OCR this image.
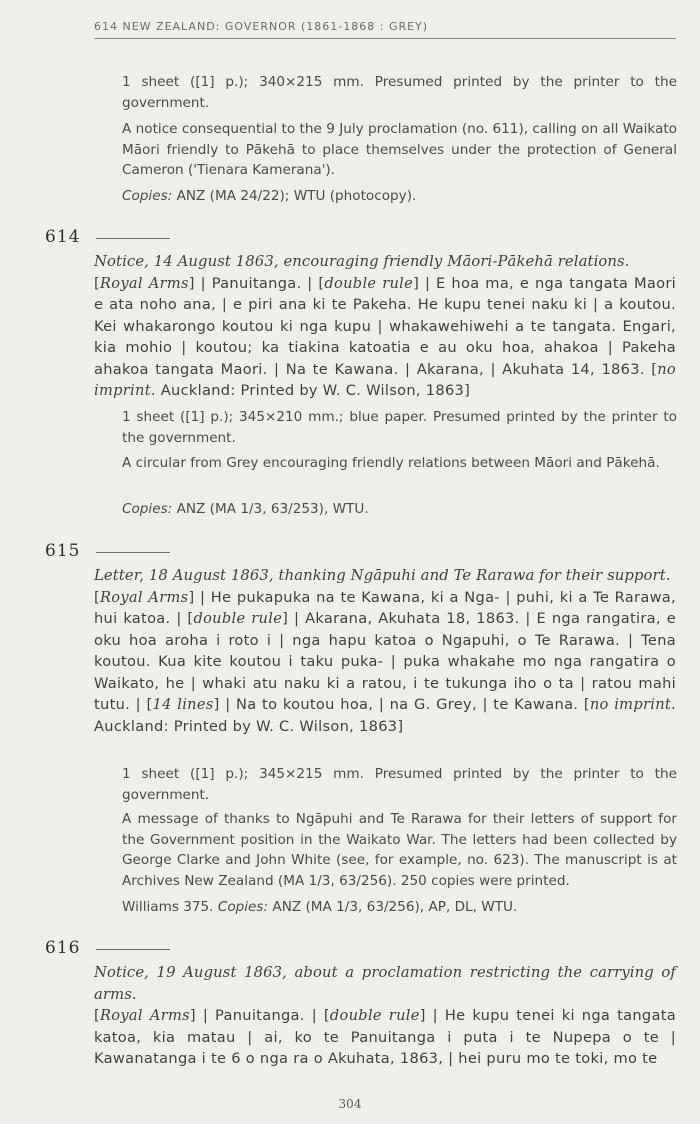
614 NEW ZEALAND: GOVERNOR (1861-1868 : GREY)
1 sheet ([1] p.); 340×215 mm. Presumed printed by the printer to the government.
A notice consequential to the 9 July proclamation (no. 611), calling on all Waikato Māori friendly to Pākehā to place themselves under the protection of General Cameron ('Tienara Kamerana').
Copies: ANZ (MA 24/22); WTU (photocopy).
614
Notice, 14 August 1863, encouraging friendly Māori-Pākehā relations.
[Royal Arms] | Panuitanga. | [double rule] | E hoa ma, e nga tangata Maori e ata noho ana, | e piri ana ki te Pakeha. He kupu tenei naku ki | a koutou. Kei whakarongo koutou ki nga kupu | whakawehiwehi a te tangata. Engari, kia mohio | koutou; ka tiakina katoatia e au oku hoa, ahakoa | Pakeha ahakoa tangata Maori. | Na te Kawana. | Akarana, | Akuhata 14, 1863. [no imprint. Auckland: Printed by W. C. Wilson, 1863]
1 sheet ([1] p.); 345×210 mm.; blue paper. Presumed printed by the printer to the government.
A circular from Grey encouraging friendly relations between Māori and Pākehā.
Copies: ANZ (MA 1/3, 63/253), WTU.
615
Letter, 18 August 1863, thanking Ngāpuhi and Te Rarawa for their support.
[Royal Arms] | He pukapuka na te Kawana, ki a Nga- | puhi, ki a Te Rarawa, hui katoa. | [double rule] | Akarana, Akuhata 18, 1863. | E nga rangatira, e oku hoa aroha i roto i | nga hapu katoa o Ngapuhi, o Te Rarawa. | Tena koutou. Kua kite koutou i taku puka- | puka whakahe mo nga rangatira o Waikato, he | whaki atu naku ki a ratou, i te tukunga iho o ta | ratou mahi tutu. | [14 lines] | Na to koutou hoa, | na G. Grey, | te Kawana. [no imprint. Auckland: Printed by W. C. Wilson, 1863]
1 sheet ([1] p.); 345×215 mm. Presumed printed by the printer to the government.
A message of thanks to Ngāpuhi and Te Rarawa for their letters of support for the Government position in the Waikato War. The letters had been collected by George Clarke and John White (see, for example, no. 623). The manuscript is at Archives New Zealand (MA 1/3, 63/256). 250 copies were printed.
Williams 375. Copies: ANZ (MA 1/3, 63/256), AP, DL, WTU.
616
Notice, 19 August 1863, about a proclamation restricting the carrying of arms.
[Royal Arms] | Panuitanga. | [double rule] | He kupu tenei ki nga tangata katoa, kia matau | ai, ko te Panuitanga i puta i te Nupepa o te | Kawanatanga i te 6 o nga ra o Akuhata, 1863, | hei puru mo te toki, mo te
304
